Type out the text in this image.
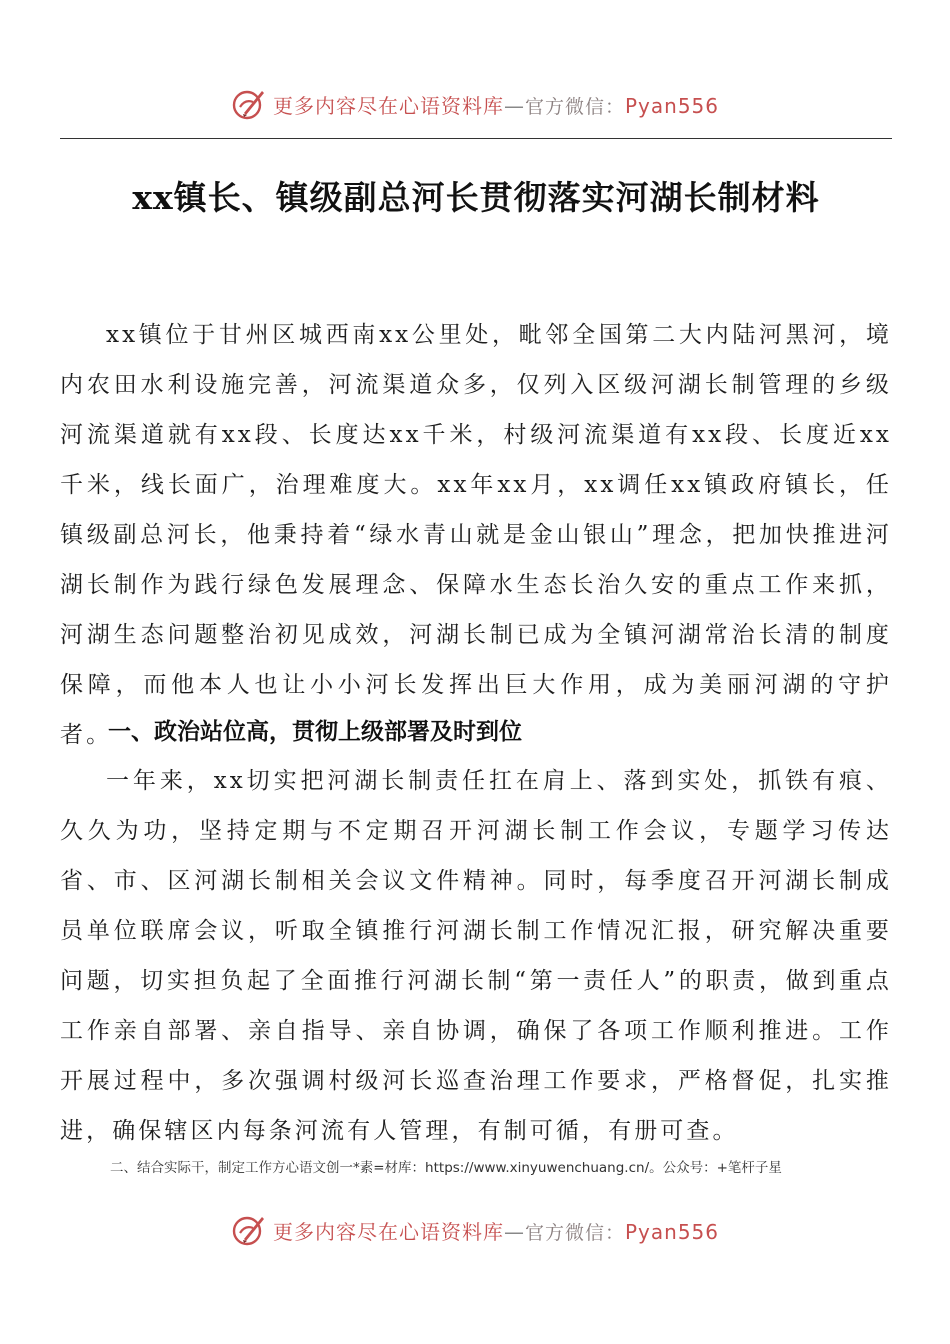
更多内容尽在心语资料库—官方微信：Pyan556
xx镇长、镇级副总河长贯彻落实河湖长制材料

xx镇位于甘州区城西南xx公里处，毗邻全国第二大内陆河黑河，境内农田水利设施完善，河流渠道众多，仅列入区级河湖长制管理的乡级河流渠道就有xx段、长度达xx千米，村级河流渠道有xx段、长度近xx千米，线长面广，治理难度大。xx年xx月，xx调任xx镇政府镇长，任镇级副总河长，他秉持着“绿水青山就是金山银山”理念，把加快推进河湖长制作为践行绿色发展理念、保障水生态长治久安的重点工作来抓，河湖生态问题整治初见成效，河湖长制已成为全镇河湖常治长清的制度保障，而他本人也让小小河长发挥出巨大作用，成为美丽河湖的守护者。

一、政治站位高，贯彻上级部署及时到位

一年来，xx切实把河湖长制责任扛在肩上、落到实处，抓铁有痕、久久为功，坚持定期与不定期召开河湖长制工作会议，专题学习传达省、市、区河湖长制相关会议文件精神。同时，每季度召开河湖长制成员单位联席会议，听取全镇推行河湖长制工作情况汇报，研究解决重要问题，切实担负起了全面推行河湖长制“第一责任人”的职责，做到重点工作亲自部署、亲自指导、亲自协调，确保了各项工作顺利推进。工作开展过程中，多次强调村级河长巡查治理工作要求，严格督促，扎实推进，确保辖区内每条河流有人管理，有制可循，有册可查。

二、结合实际干，制定工作方心语文创一*素=材库：https://www.xinyuwenchuang.cn/。公众号：+笔杆子星
更多内容尽在心语资料库—官方微信：Pyan556
